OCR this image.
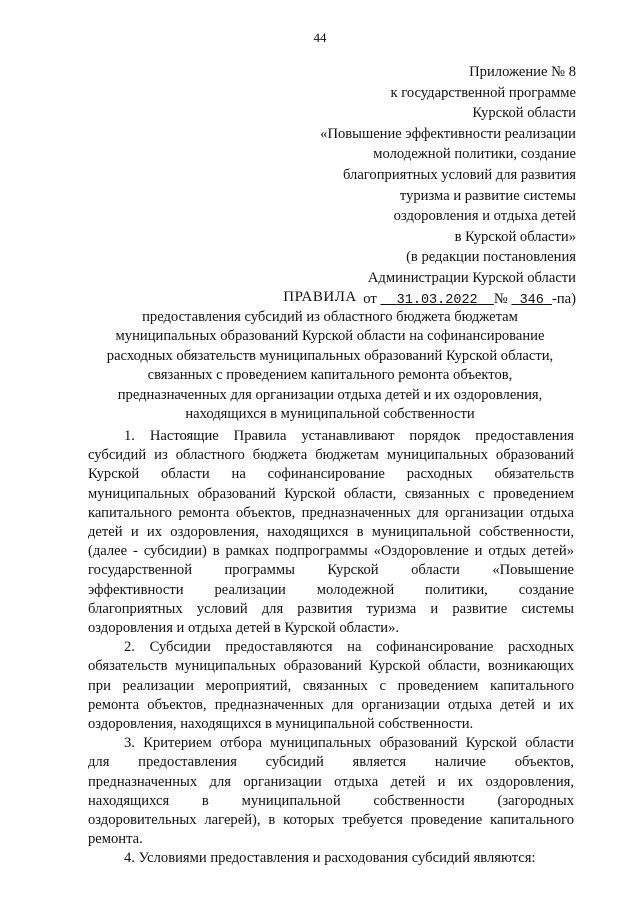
44
Приложение № 8
к государственной программе
Курской области
«Повышение эффективности реализации
молодежной политики, создание
благоприятных условий для развития
туризма и развитие системы
оздоровления и отдыха детей
в Курской области»
(в редакции постановления
Администрации Курской области
от 31.03.2022 № 346 -па)
ПРАВИЛА
предоставления субсидий из областного бюджета бюджетам
муниципальных образований Курской области на софинансирование
расходных обязательств муниципальных образований Курской области,
связанных с проведением капитального ремонта объектов,
предназначенных для организации отдыха детей и их оздоровления,
находящихся в муниципальной собственности
1. Настоящие Правила устанавливают порядок предоставления
субсидий из областного бюджета бюджетам муниципальных образований
Курской области на софинансирование расходных обязательств
муниципальных образований Курской области, связанных с проведением
капитального ремонта объектов, предназначенных для организации отдыха
детей и их оздоровления, находящихся в муниципальной собственности,
(далее - субсидии) в рамках подпрограммы «Оздоровление и отдых детей»
государственной программы Курской области «Повышение
эффективности реализации молодежной политики, создание
благоприятных условий для развития туризма и развитие системы
оздоровления и отдыха детей в Курской области».
2. Субсидии предоставляются на софинансирование расходных
обязательств муниципальных образований Курской области, возникающих
при реализации мероприятий, связанных с проведением капитального
ремонта объектов, предназначенных для организации отдыха детей и их
оздоровления, находящихся в муниципальной собственности.
3. Критерием отбора муниципальных образований Курской области
для предоставления субсидий является наличие объектов,
предназначенных для организации отдыха детей и их оздоровления,
находящихся в муниципальной собственности (загородных
оздоровительных лагерей), в которых требуется проведение капитального
ремонта.
4. Условиями предоставления и расходования субсидий являются:
